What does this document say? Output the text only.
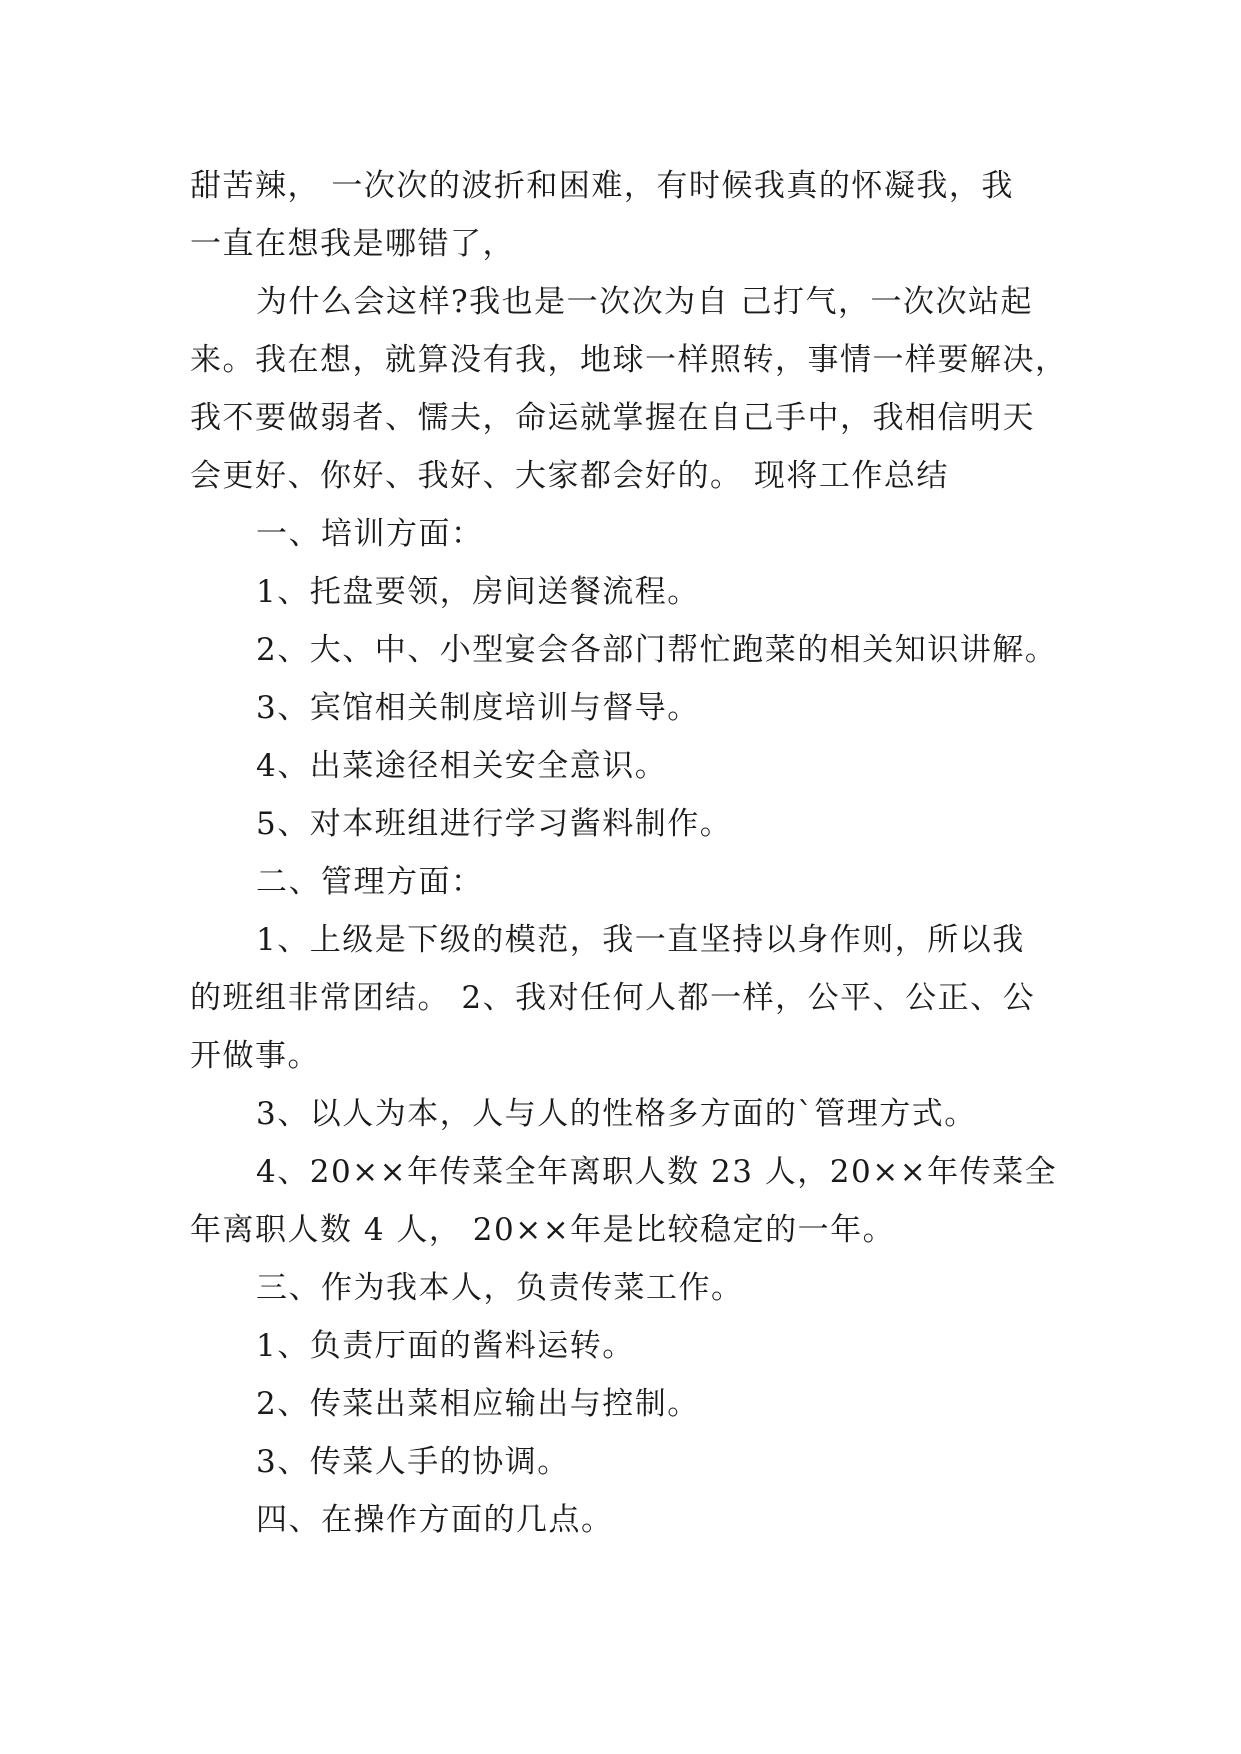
甜苦辣， 一次次的波折和困难，有时候我真的怀凝我，我
一直在想我是哪错了，
为什么会这样?我也是一次次为自 己打气，一次次站起
来。我在想，就算没有我，地球一样照转，事情一样要解决，
我不要做弱者、懦夫，命运就掌握在自己手中，我相信明天
会更好、你好、我好、大家都会好的。 现将工作总结
一、培训方面：
1、托盘要领，房间送餐流程。
2、大、中、小型宴会各部门帮忙跑菜的相关知识讲解。
3、宾馆相关制度培训与督导。
4、出菜途径相关安全意识。
5、对本班组进行学习酱料制作。
二、管理方面：
1、上级是下级的模范，我一直坚持以身作则，所以我
的班组非常团结。 2、我对任何人都一样，公平、公正、公
开做事。
3、以人为本，人与人的性格多方面的`管理方式。
4、20××年传菜全年离职人数 23 人，20××年传菜全
年离职人数 4 人， 20××年是比较稳定的一年。
三、作为我本人，负责传菜工作。
1、负责厅面的酱料运转。
2、传菜出菜相应输出与控制。
3、传菜人手的协调。
四、在操作方面的几点。
